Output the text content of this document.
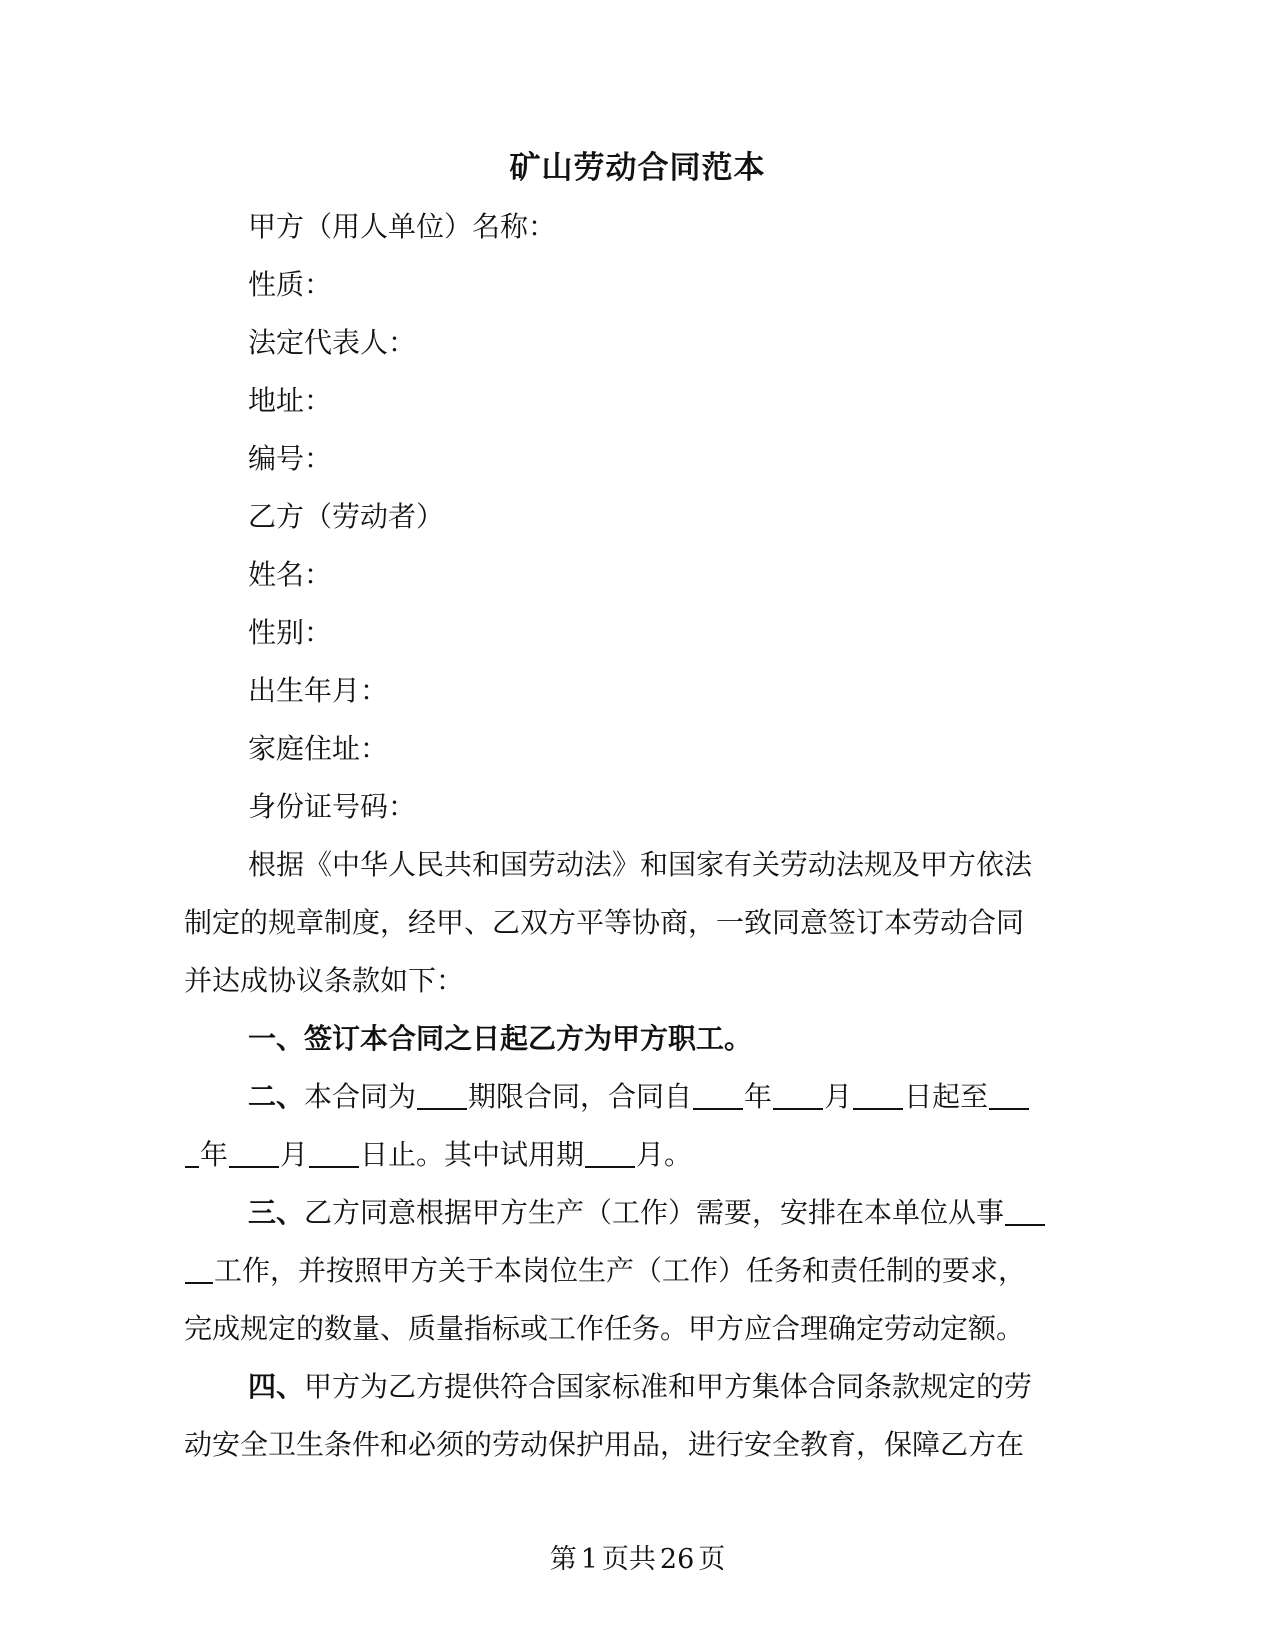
矿山劳动合同范本
甲方（用人单位）名称：
性质：
法定代表人：
地址：
编号：
乙方（劳动者）
姓名：
性别：
出生年月：
家庭住址：
身份证号码：
根据《中华人民共和国劳动法》和国家有关劳动法规及甲方依法
制定的规章制度，经甲、乙双方平等协商，一致同意签订本劳动合同
并达成协议条款如下：
一、签订本合同之日起乙方为甲方职工。
二、本合同为 期限合同，合同自 年 月 日起至
年 月 日止。其中试用期 月。
三、乙方同意根据甲方生产（工作）需要，安排在本单位从事
工作，并按照甲方关于本岗位生产（工作）任务和责任制的要求，
完成规定的数量、质量指标或工作任务。甲方应合理确定劳动定额。
四、甲方为乙方提供符合国家标准和甲方集体合同条款规定的劳
动安全卫生条件和必须的劳动保护用品，进行安全教育，保障乙方在
第 1 页共 26 页
